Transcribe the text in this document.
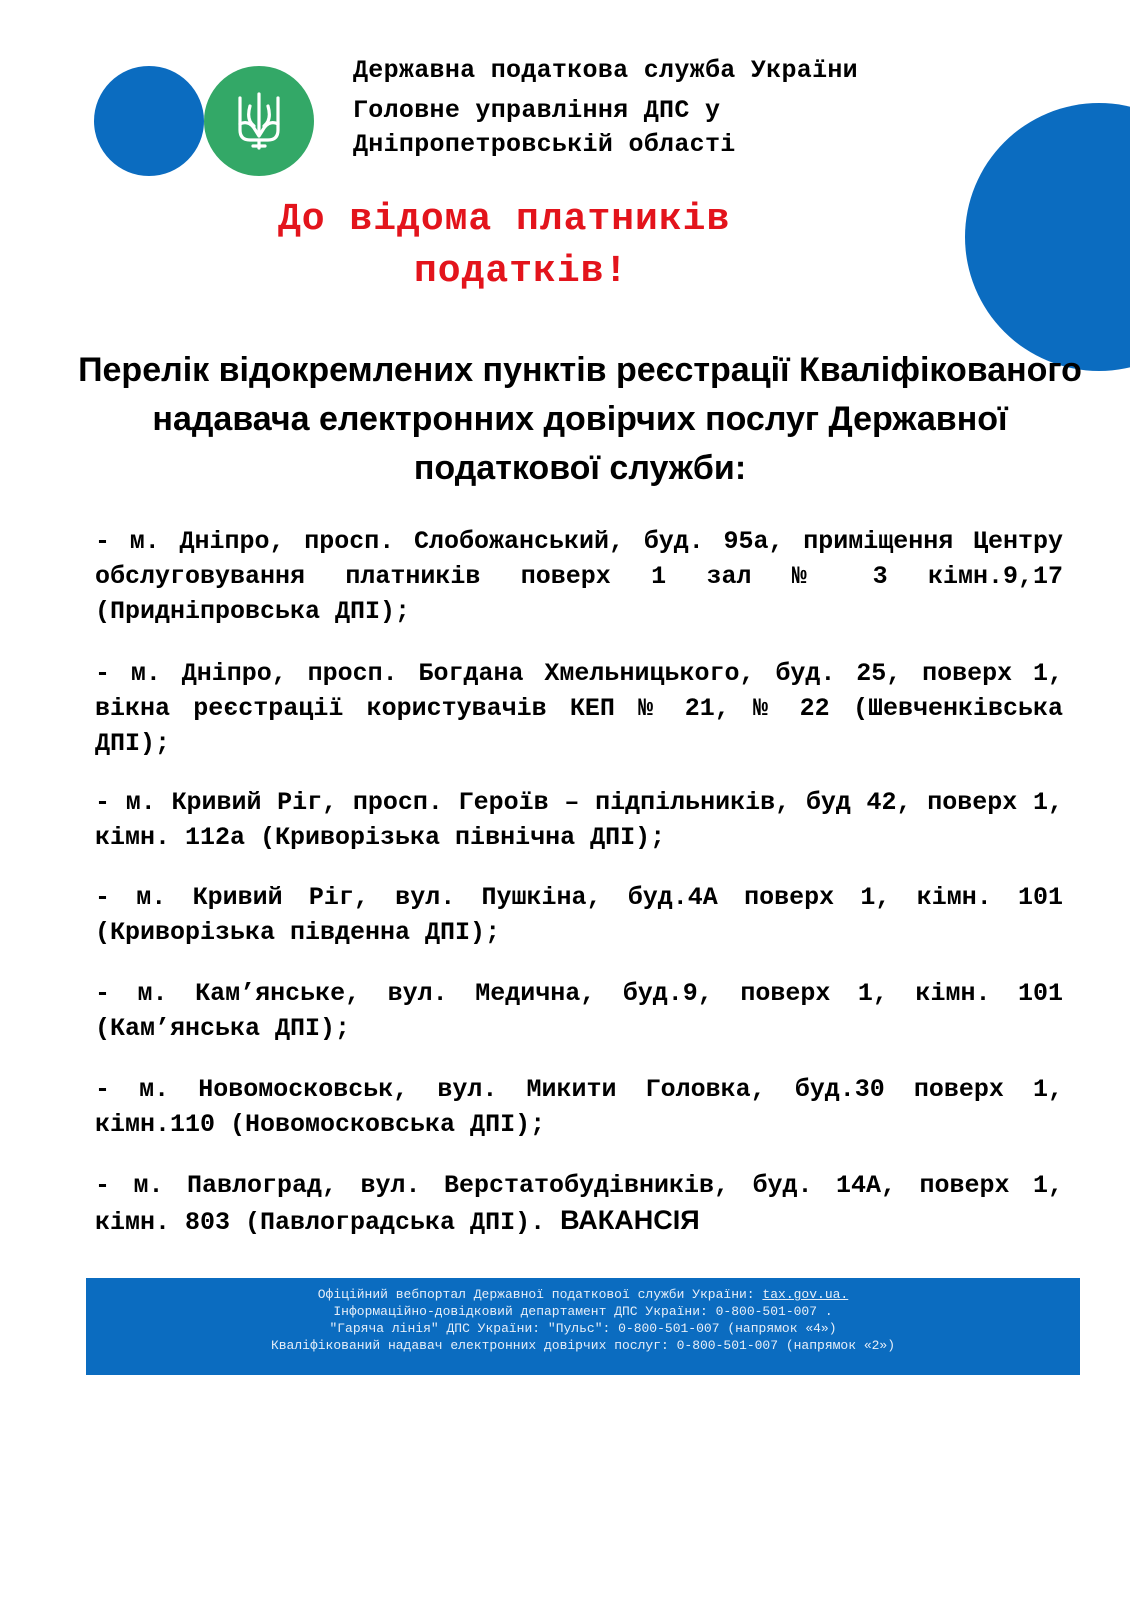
Державна податкова служба України
Головне управління ДПС у
Дніпропетровській області
До відома платників
податків!
Перелік відокремлених пунктів реєстрації Кваліфікованого надавача електронних довірчих послуг Державної податкової служби:
- м. Дніпро, просп. Слобожанський, буд. 95а, приміщення Центру обслуговування платників поверх 1 зал № 3 кімн.9,17 (Придніпровська ДПІ);
- м. Дніпро, просп. Богдана Хмельницького, буд. 25, поверх 1, вікна реєстрації користувачів КЕП № 21, № 22 (Шевченківська ДПІ);
- м. Кривий Ріг, просп. Героїв – підпільників, буд 42, поверх 1, кімн. 112а (Криворізька північна ДПІ);
- м. Кривий Ріг, вул. Пушкіна, буд.4А поверх 1, кімн. 101 (Криворізька південна ДПІ);
- м. Кам’янське, вул. Медична, буд.9, поверх 1, кімн. 101 (Кам’янська ДПІ);
- м. Новомосковськ, вул. Микити Головка, буд.30 поверх 1, кімн.110 (Новомосковська ДПІ);
- м. Павлоград, вул. Верстатобудівників, буд. 14А, поверх 1, кімн. 803 (Павлоградська ДПІ). ВАКАНСІЯ
Офіційний вебпортал Державної податкової служби України: tax.gov.ua.
Інформаційно-довідковий департамент ДПС України: 0-800-501-007 .
"Гаряча лінія" ДПС України: "Пульс": 0-800-501-007 (напрямок «4»)
Кваліфікований надавач електронних довірчих послуг: 0-800-501-007 (напрямок «2»)
